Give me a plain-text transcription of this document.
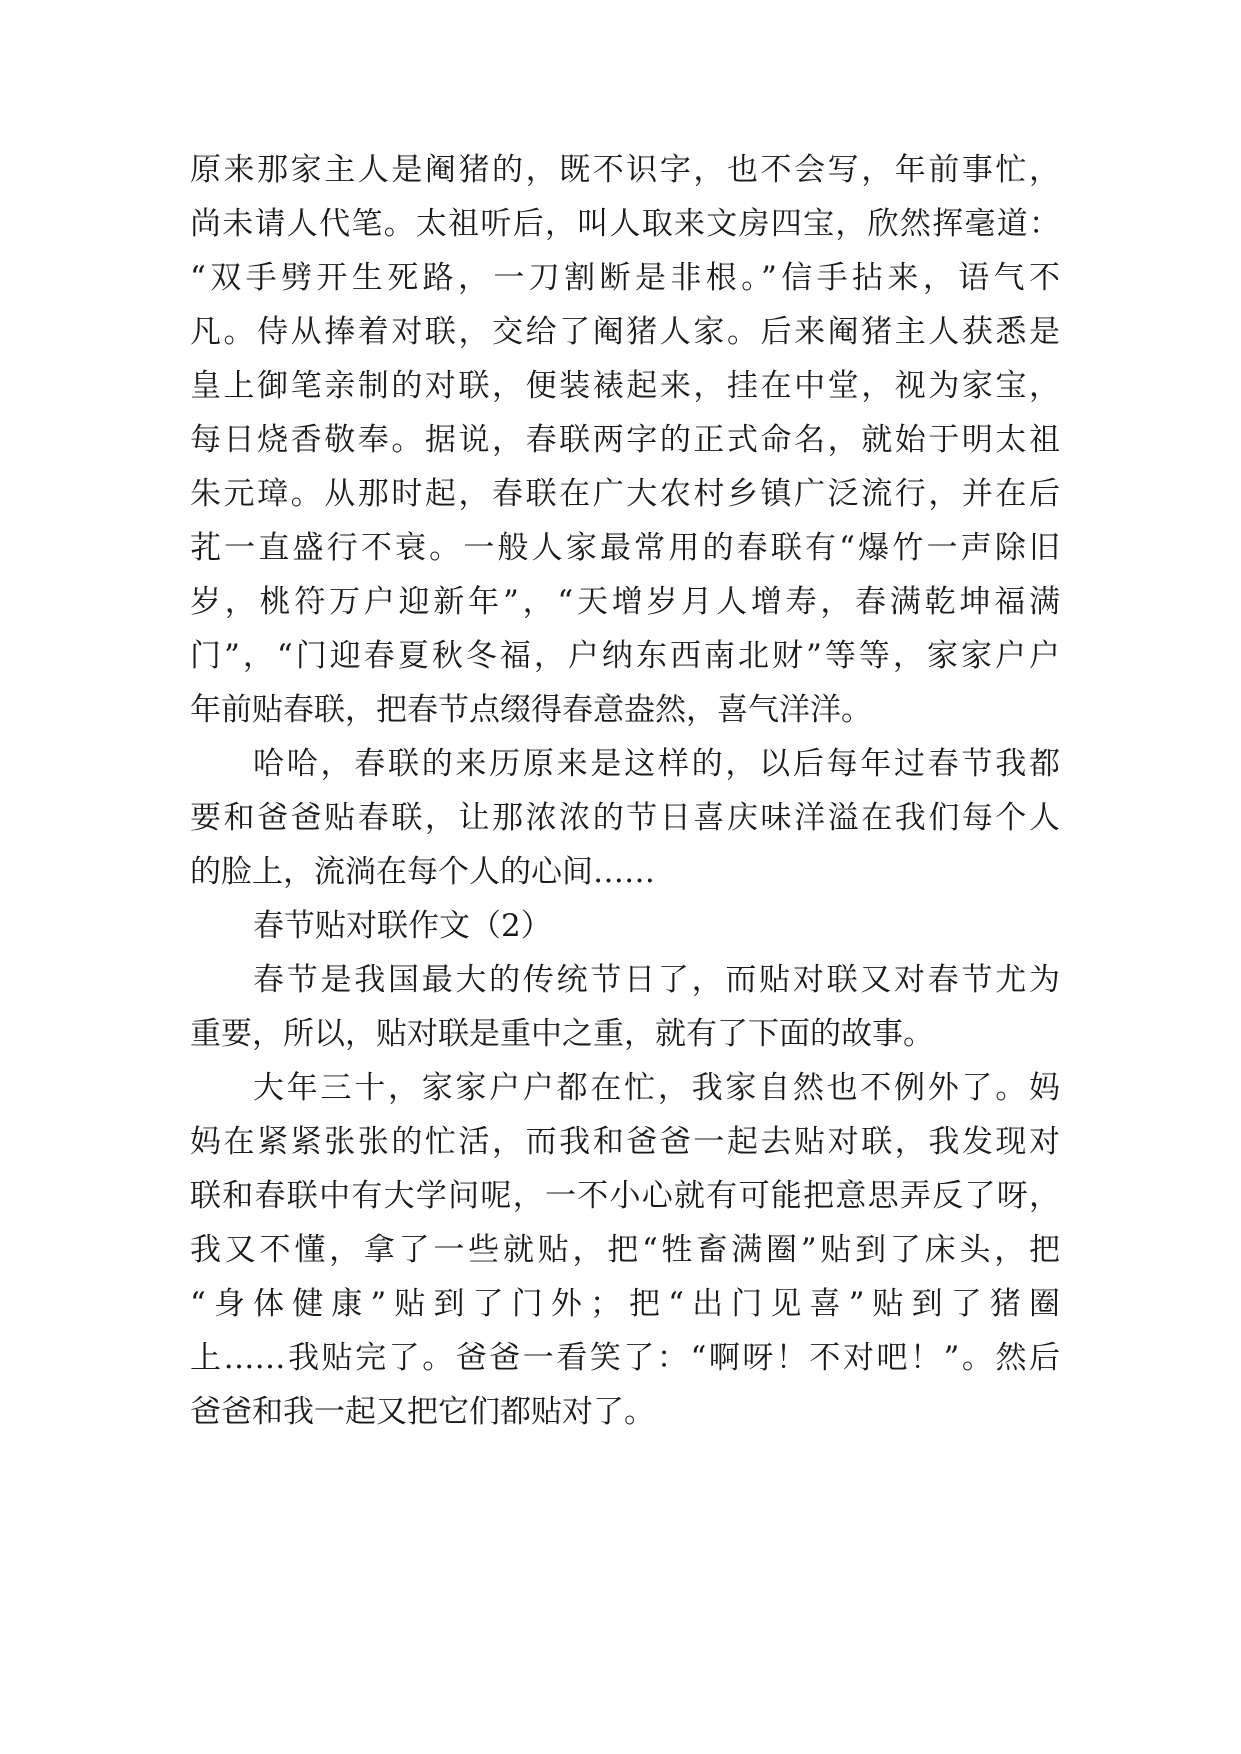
原来那家主人是阉猪的，既不识字，也不会写，年前事忙，

尚未请人代笔。太祖听后，叫人取来文房四宝，欣然挥毫道：

“双手劈开生死路，一刀割断是非根。”信手拈来，语气不

凡。侍从捧着对联，交给了阉猪人家。后来阉猪主人获悉是

皇上御笔亲制的对联，便装裱起来，挂在中堂，视为家宝，

每日烧香敬奉。据说，春联两字的正式命名，就始于明太祖

朱元璋。从那时起，春联在广大农村乡镇广泛流行，并在后

芤一直盛行不衰。一般人家最常用的春联有“爆竹一声除旧

岁，桃符万户迎新年”，“天增岁月人增寿，春满乾坤福满

门”，“门迎春夏秋冬福，户纳东西南北财”等等，家家户户

年前贴春联，把春节点缀得春意盎然，喜气洋洋。

哈哈，春联的来历原来是这样的，以后每年过春节我都

要和爸爸贴春联，让那浓浓的节日喜庆味洋溢在我们每个人

的脸上，流淌在每个人的心间……

春节贴对联作文（2）

春节是我国最大的传统节日了，而贴对联又对春节尤为

重要，所以，贴对联是重中之重，就有了下面的故事。

大年三十，家家户户都在忙，我家自然也不例外了。妈

妈在紧紧张张的忙活，而我和爸爸一起去贴对联，我发现对

联和春联中有大学问呢，一不小心就有可能把意思弄反了呀，

我又不懂，拿了一些就贴，把“牲畜满圈”贴到了床头，把

“身体健康”贴到了门外；把“出门见喜”贴到了猪圈

上……我贴完了。爸爸一看笑了：“啊呀！不对吧！”。然后

爸爸和我一起又把它们都贴对了。
